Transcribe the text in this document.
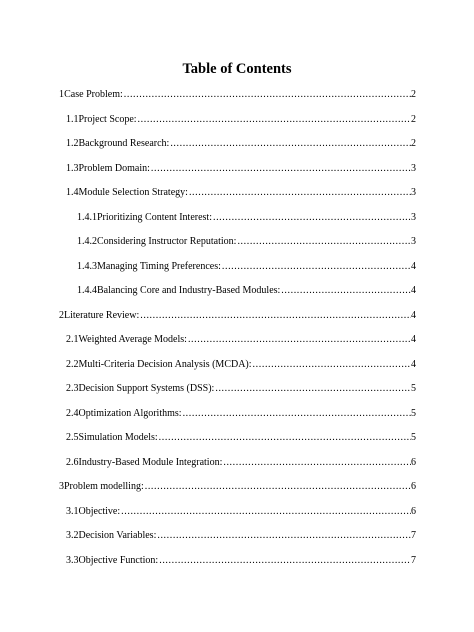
Table of Contents
1 Case Problem: .....	2
1.1 Project Scope: .....	2
1.2 Background Research: .....	2
1.3 Problem Domain: .....	3
1.4 Module Selection Strategy: .....	3
1.4.1 Prioritizing Content Interest: .....	3
1.4.2 Considering Instructor Reputation: .....	3
1.4.3 Managing Timing Preferences: .....	4
1.4.4 Balancing Core and Industry-Based Modules: .....	4
2 Literature Review: .....	4
2.1 Weighted Average Models: .....	4
2.2 Multi-Criteria Decision Analysis (MCDA): .....	4
2.3 Decision Support Systems (DSS): .....	5
2.4 Optimization Algorithms: .....	5
2.5 Simulation Models: .....	5
2.6 Industry-Based Module Integration: .....	6
3 Problem modelling: .....	6
3.1 Objective: .....	6
3.2 Decision Variables: .....	7
3.3 Objective Function: .....	7
